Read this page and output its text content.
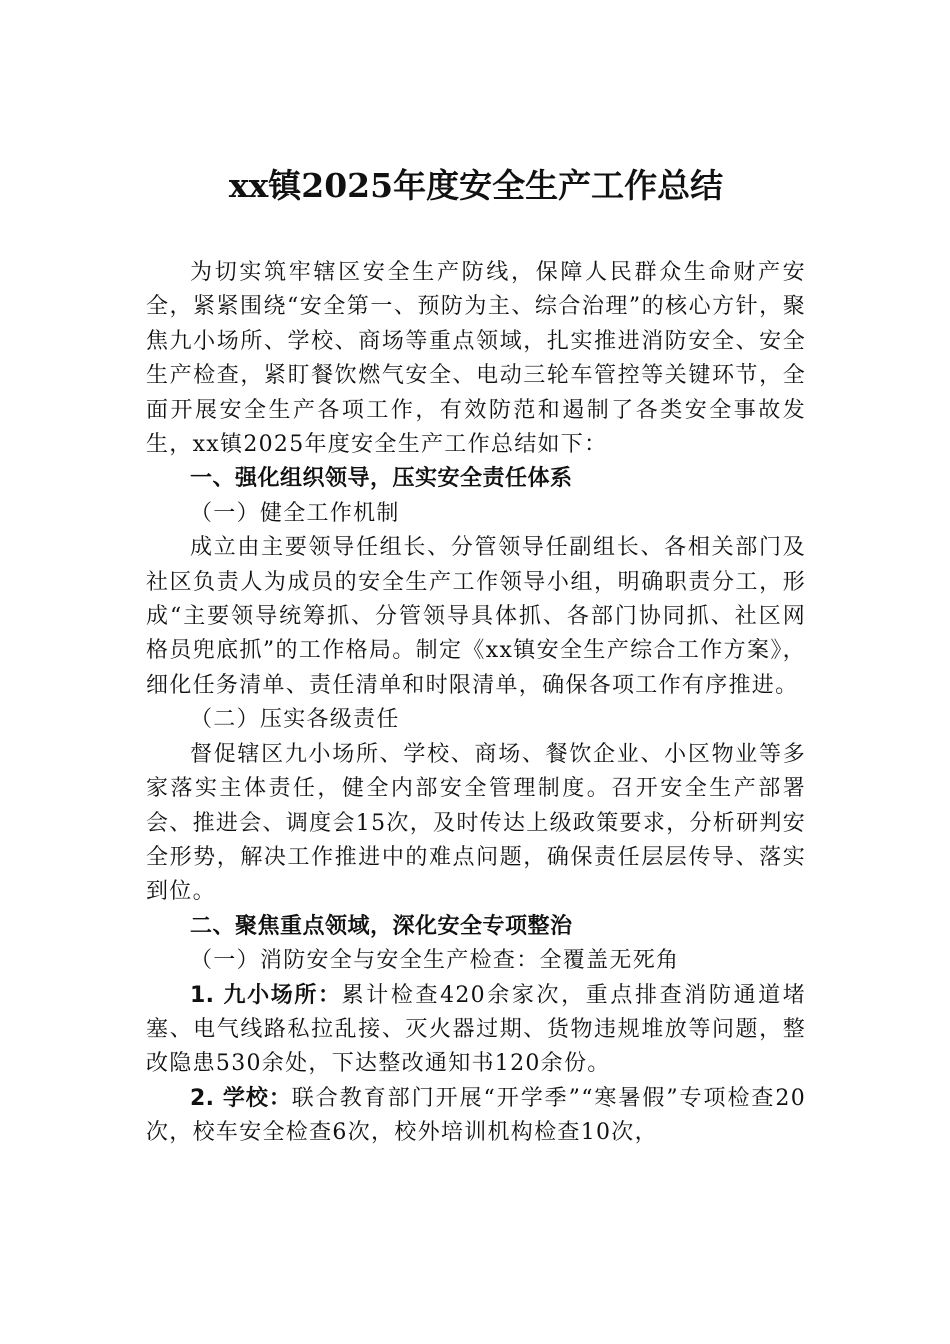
xx镇2025年度安全生产工作总结

为切实筑牢辖区安全生产防线，保障人民群众生命财产安全，紧紧围绕“安全第一、预防为主、综合治理”的核心方针，聚焦九小场所、学校、商场等重点领域，扎实推进消防安全、安全生产检查，紧盯餐饮燃气安全、电动三轮车管控等关键环节，全面开展安全生产各项工作，有效防范和遏制了各类安全事故发生，xx镇2025年度安全生产工作总结如下：

一、强化组织领导，压实安全责任体系

（一）健全工作机制

成立由主要领导任组长、分管领导任副组长、各相关部门及社区负责人为成员的安全生产工作领导小组，明确职责分工，形成“主要领导统筹抓、分管领导具体抓、各部门协同抓、社区网格员兜底抓”的工作格局。制定《xx镇安全生产综合工作方案》，细化任务清单、责任清单和时限清单，确保各项工作有序推进。

（二）压实各级责任

督促辖区九小场所、学校、商场、餐饮企业、小区物业等多家落实主体责任，健全内部安全管理制度。召开安全生产部署会、推进会、调度会15次，及时传达上级政策要求，分析研判安全形势，解决工作推进中的难点问题，确保责任层层传导、落实到位。

二、聚焦重点领域，深化安全专项整治

（一）消防安全与安全生产检查：全覆盖无死角

1. 九小场所：累计检查420余家次，重点排查消防通道堵塞、电气线路私拉乱接、灭火器过期、货物违规堆放等问题，整改隐患530余处，下达整改通知书120余份。

2. 学校：联合教育部门开展“开学季”“寒暑假”专项检查20次，校车安全检查6次，校外培训机构检查10次，
